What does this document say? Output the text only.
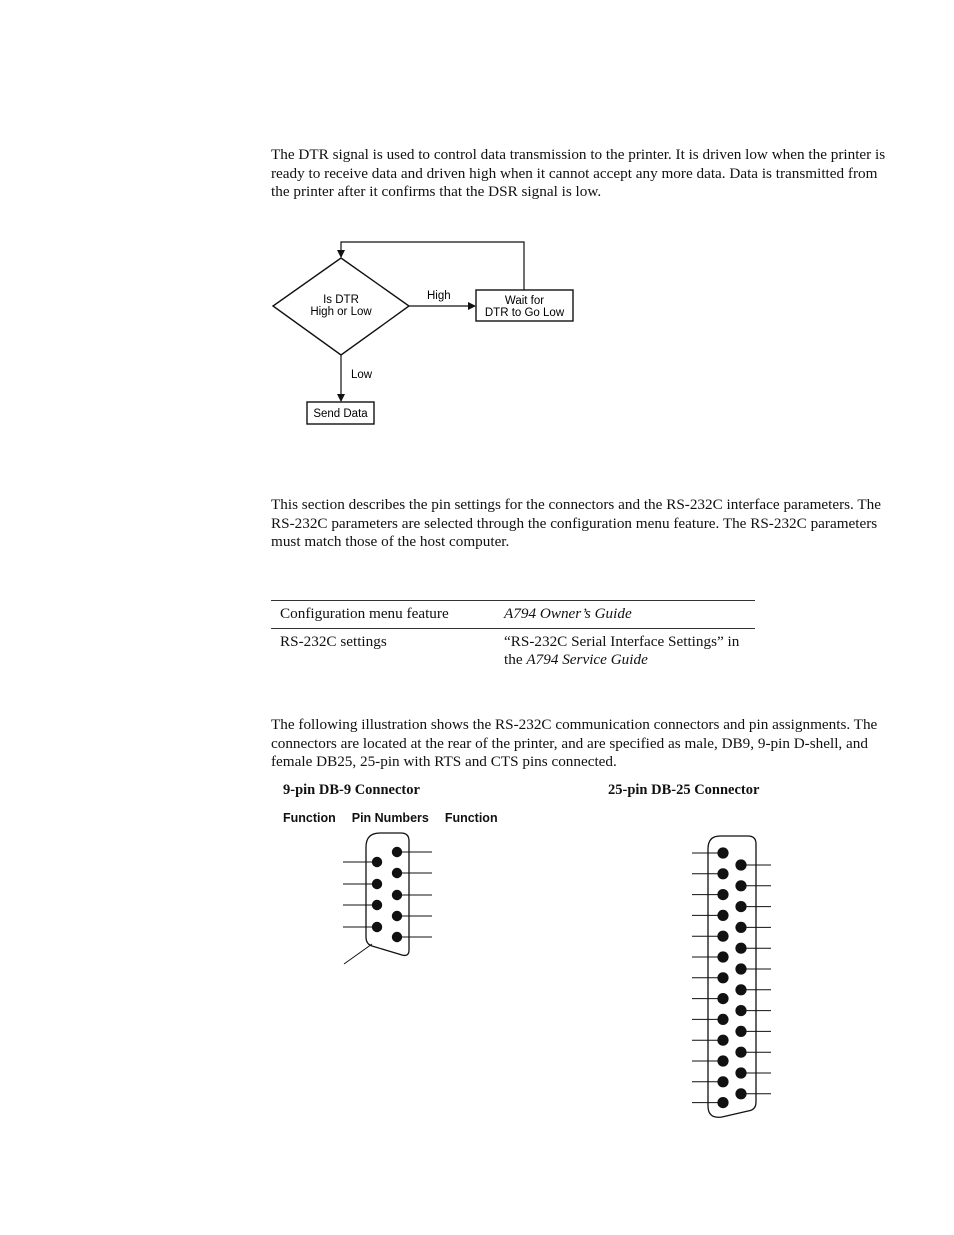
The DTR signal is used to control data transmission to the printer. It is driven low when the printer is ready to receive data and driven high when it cannot accept any more data. Data is transmitted from the printer after it confirms that the DSR signal is low.

Is DTR
High or Low
High	Wait for
DTR to Go Low
Low
Send Data

This section describes the pin settings for the connectors and the RS-232C interface parameters. The RS-232C parameters are selected through the configuration menu feature. The RS-232C parameters must match those of the host computer.

Configuration menu feature	A794 Owner’s Guide
RS-232C settings	“RS-232C Serial Interface Settings” in the A794 Service Guide

The following illustration shows the RS-232C communication connectors and pin assignments. The connectors are located at the rear of the printer, and are specified as male, DB9, 9-pin D-shell, and female DB25, 25-pin with RTS and CTS pins connected.

9-pin DB-9 Connector	25-pin DB-25 Connector
Function Pin Numbers Function
